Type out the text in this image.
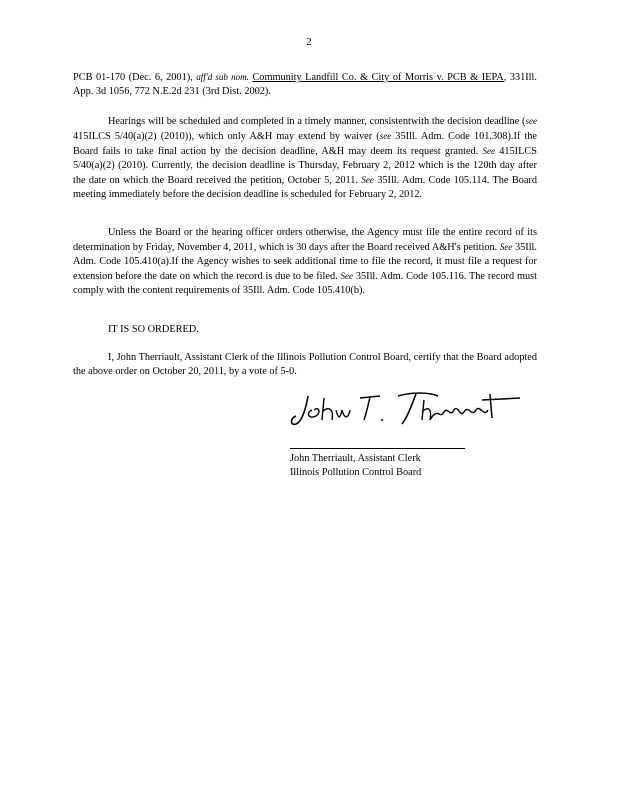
2

PCB 01-170 (Dec. 6, 2001), aff'd sub nom. Community Landfill Co. & City of Morris v. PCB & IEPA, 331Ill. App. 3d 1056, 772 N.E.2d 231 (3rd Dist. 2002).

Hearings will be scheduled and completed in a timely manner, consistentwith the decision deadline (see 415ILCS 5/40(a)(2) (2010)), which only A&H may extend by waiver (see 35Ill. Adm. Code 101.308).If the Board fails to take final action by the decision deadline, A&H may deem its request granted. See 415ILCS 5/40(a)(2) (2010). Currently, the decision deadline is Thursday, February 2, 2012 which is the 120th day after the date on which the Board received the petition, October 5, 2011. See 35Ill. Adm. Code 105.114. The Board meeting immediately before the decision deadline is scheduled for February 2, 2012.

Unless the Board or the hearing officer orders otherwise, the Agency must file the entire record of its determination by Friday, November 4, 2011, which is 30 days after the Board received A&H's petition. See 35Ill. Adm. Code 105.410(a).If the Agency wishes to seek additional time to file the record, it must file a request for extension before the date on which the record is due to be filed. See 35Ill. Adm. Code 105.116. The record must comply with the content requirements of 35Ill. Adm. Code 105.410(b).

IT IS SO ORDERED.

I, John Therriault, Assistant Clerk of the Illinois Pollution Control Board, certify that the Board adopted the above order on October 20, 2011, by a vote of 5-0.

John Therriault, Assistant Clerk
Illinois Pollution Control Board
